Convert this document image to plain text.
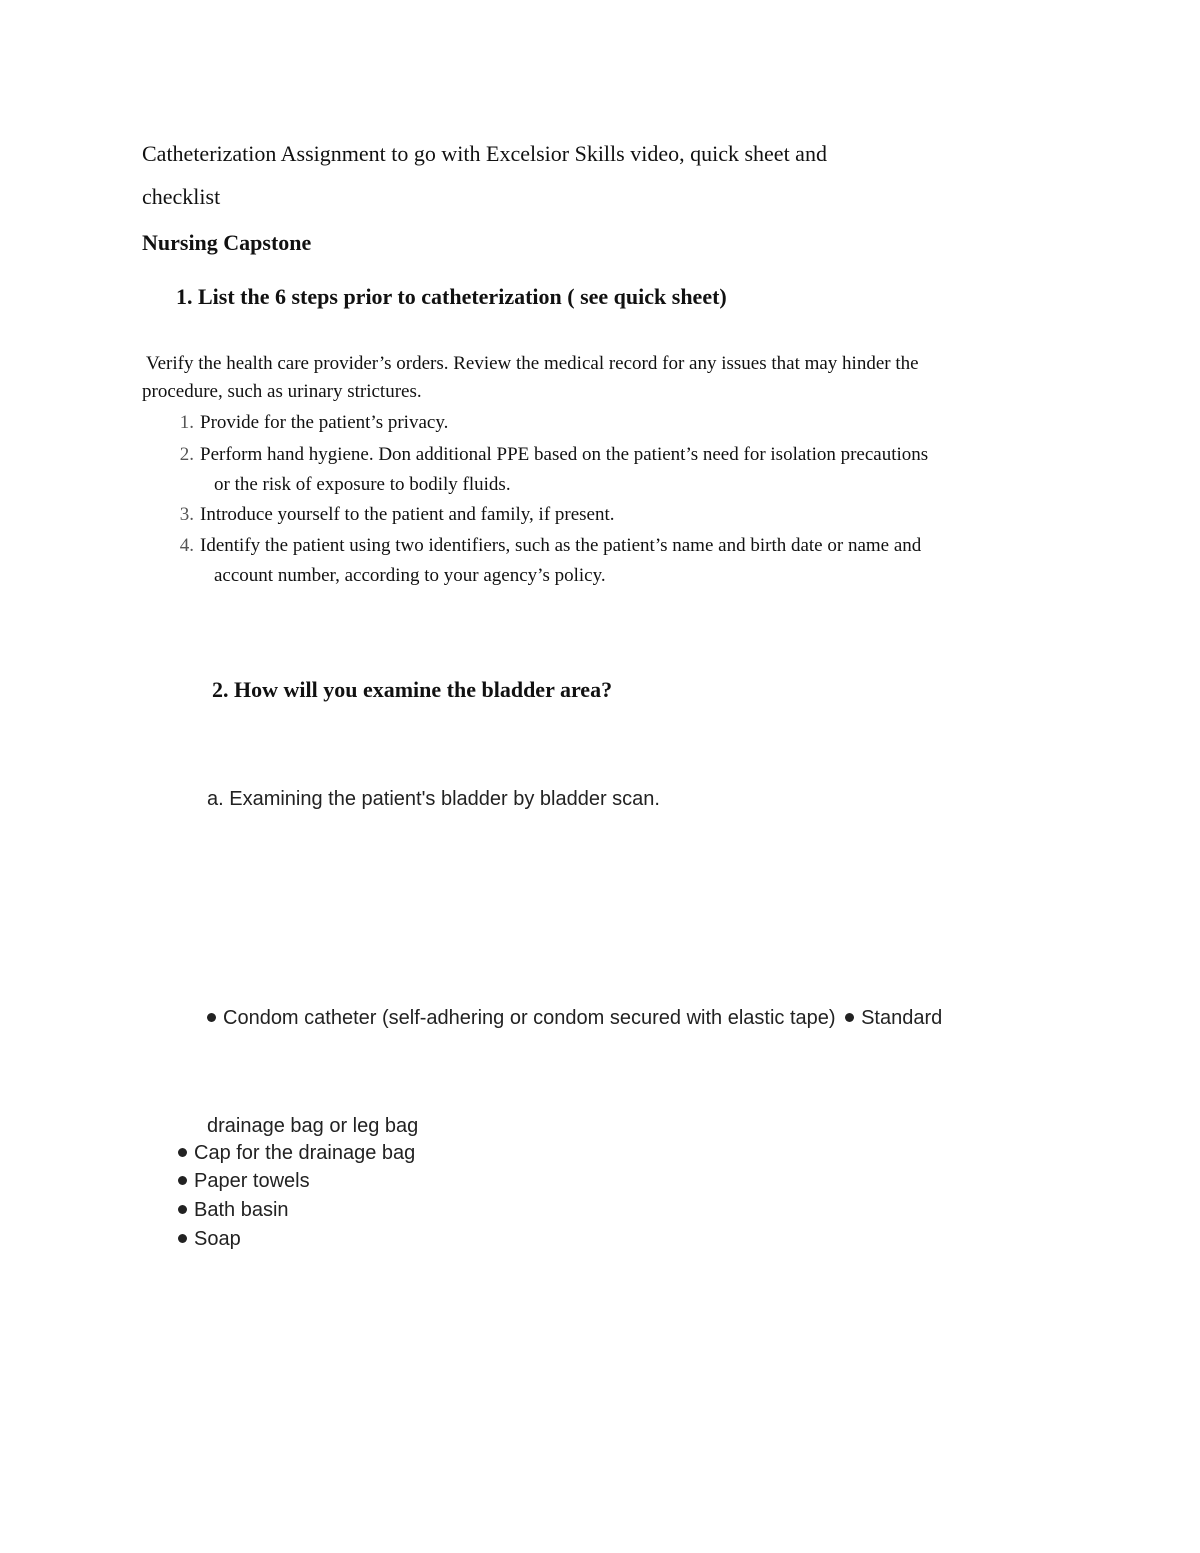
Catheterization Assignment to go with Excelsior Skills video, quick sheet and
checklist
Nursing Capstone
1. List the 6 steps prior to catheterization ( see quick sheet)
Verify the health care provider’s orders. Review the medical record for any issues that may hinder the
procedure, such as urinary strictures.
1. Provide for the patient’s privacy.
2. Perform hand hygiene. Don additional PPE based on the patient’s need for isolation precautions
or the risk of exposure to bodily fluids.
3. Introduce yourself to the patient and family, if present.
4. Identify the patient using two identifiers, such as the patient’s name and birth date or name and
account number, according to your agency’s policy.
2. How will you examine the bladder area?
a. Examining the patient's bladder by bladder scan.
Condom catheter (self-adhering or condom secured with elastic tape) Standard
drainage bag or leg bag
Cap for the drainage bag
Paper towels
Bath basin
Soap
